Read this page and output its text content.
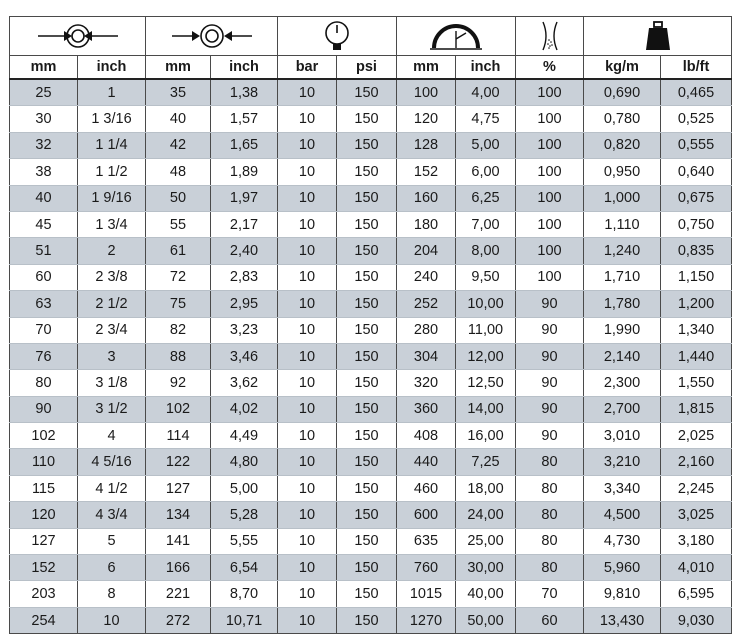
mm	inch	mm	inch	bar	psi	mm	inch	%	kg/m	lb/ft
25	1	35	1,38	10	150	100	4,00	100	0,690	0,465
30	1 3/16	40	1,57	10	150	120	4,75	100	0,780	0,525
32	1 1/4	42	1,65	10	150	128	5,00	100	0,820	0,555
38	1 1/2	48	1,89	10	150	152	6,00	100	0,950	0,640
40	1 9/16	50	1,97	10	150	160	6,25	100	1,000	0,675
45	1 3/4	55	2,17	10	150	180	7,00	100	1,110	0,750
51	2	61	2,40	10	150	204	8,00	100	1,240	0,835
60	2 3/8	72	2,83	10	150	240	9,50	100	1,710	1,150
63	2 1/2	75	2,95	10	150	252	10,00	90	1,780	1,200
70	2 3/4	82	3,23	10	150	280	11,00	90	1,990	1,340
76	3	88	3,46	10	150	304	12,00	90	2,140	1,440
80	3 1/8	92	3,62	10	150	320	12,50	90	2,300	1,550
90	3 1/2	102	4,02	10	150	360	14,00	90	2,700	1,815
102	4	114	4,49	10	150	408	16,00	90	3,010	2,025
110	4 5/16	122	4,80	10	150	440	7,25	80	3,210	2,160
115	4 1/2	127	5,00	10	150	460	18,00	80	3,340	2,245
120	4 3/4	134	5,28	10	150	600	24,00	80	4,500	3,025
127	5	141	5,55	10	150	635	25,00	80	4,730	3,180
152	6	166	6,54	10	150	760	30,00	80	5,960	4,010
203	8	221	8,70	10	150	1015	40,00	70	9,810	6,595
254	10	272	10,71	10	150	1270	50,00	60	13,430	9,030
